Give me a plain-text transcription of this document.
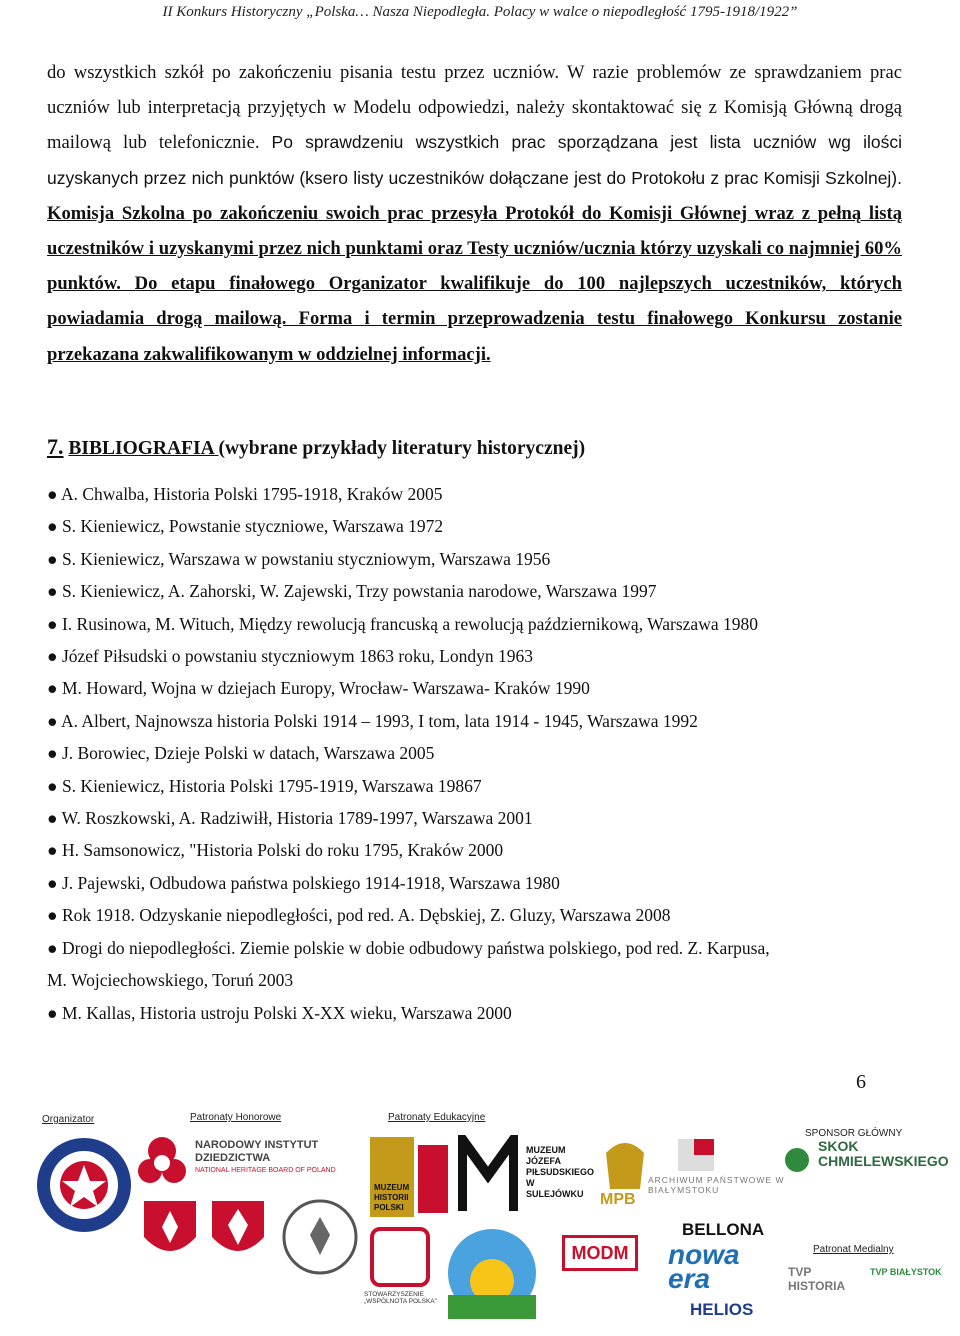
II Konkurs Historyczny „Polska… Nasza Niepodległa. Polacy w walce o niepodległość 1795-1918/1922”
do wszystkich szkół po zakończeniu pisania testu przez uczniów. W razie problemów ze sprawdzaniem prac uczniów lub interpretacją przyjętych w Modelu odpowiedzi, należy skontaktować się z Komisją Główną drogą mailową lub telefonicznie. Po sprawdzeniu wszystkich prac sporządzana jest lista uczniów wg ilości uzyskanych przez nich punktów (ksero listy uczestników dołączane jest do Protokołu z prac Komisji Szkolnej). Komisja Szkolna po zakończeniu swoich prac przesyła Protokół do Komisji Głównej wraz z pełną listą uczestników i uzyskanymi przez nich punktami oraz Testy uczniów/ucznia którzy uzyskali co najmniej 60% punktów. Do etapu finałowego Organizator kwalifikuje do 100 najlepszych uczestników, których powiadamia drogą mailową. Forma i termin przeprowadzenia testu finałowego Konkursu zostanie przekazana zakwalifikowanym w oddzielnej informacji.
7. BIBLIOGRAFIA (wybrane przykłady literatury historycznej)
● A. Chwalba, Historia Polski 1795-1918, Kraków 2005
● S. Kieniewicz, Powstanie styczniowe, Warszawa 1972
● S. Kieniewicz, Warszawa w powstaniu styczniowym, Warszawa 1956
● S. Kieniewicz, A. Zahorski, W. Zajewski, Trzy powstania narodowe, Warszawa 1997
● I. Rusinowa, M. Wituch, Między rewolucją francuską a rewolucją październikową, Warszawa 1980
● Józef Piłsudski o powstaniu styczniowym 1863 roku, Londyn 1963
● M. Howard, Wojna w dziejach Europy, Wrocław- Warszawa- Kraków 1990
● A. Albert, Najnowsza historia Polski 1914 – 1993, I tom, lata 1914 - 1945, Warszawa 1992
● J. Borowiec, Dzieje Polski w datach, Warszawa 2005
● S. Kieniewicz, Historia Polski 1795-1919, Warszawa 19867
● W. Roszkowski, A. Radziwiłł, Historia 1789-1997, Warszawa 2001
● H. Samsonowicz, "Historia Polski do roku 1795, Kraków 2000
● J. Pajewski, Odbudowa państwa polskiego 1914-1918, Warszawa 1980
● Rok 1918. Odzyskanie niepodległości, pod red. A. Dębskiej, Z. Gluzy, Warszawa 2008
● Drogi do niepodległości. Ziemie polskie w dobie odbudowy państwa polskiego, pod red. Z. Karpusa,
M. Wojciechowskiego, Toruń 2003
● M. Kallas, Historia ustroju Polski X-XX wieku, Warszawa 2000
6
Organizator	Patronaty Honorowe	Patronaty Edukacyjne
SPONSOR GŁÓWNY
Patronat Medialny
NARODOWY INSTYTUT DZIEDZICTWA
NATIONAL HERITAGE BOARD OF POLAND
MUZEUM HISTORII POLSKI
MUZEUM JÓZEFA PIŁSUDSKIEGO W SULEJÓWKU	MPB
ARCHIWUM PAŃSTWOWE W BIAŁYMSTOKU
SKOK CHMIELEWSKIEGO
STOWARZYSZENIE „WSPÓLNOTA POLSKA”
MODM
BELLONA
nowa era
HELIOS
TVP HISTORIA
TVP BIAŁYSTOK
